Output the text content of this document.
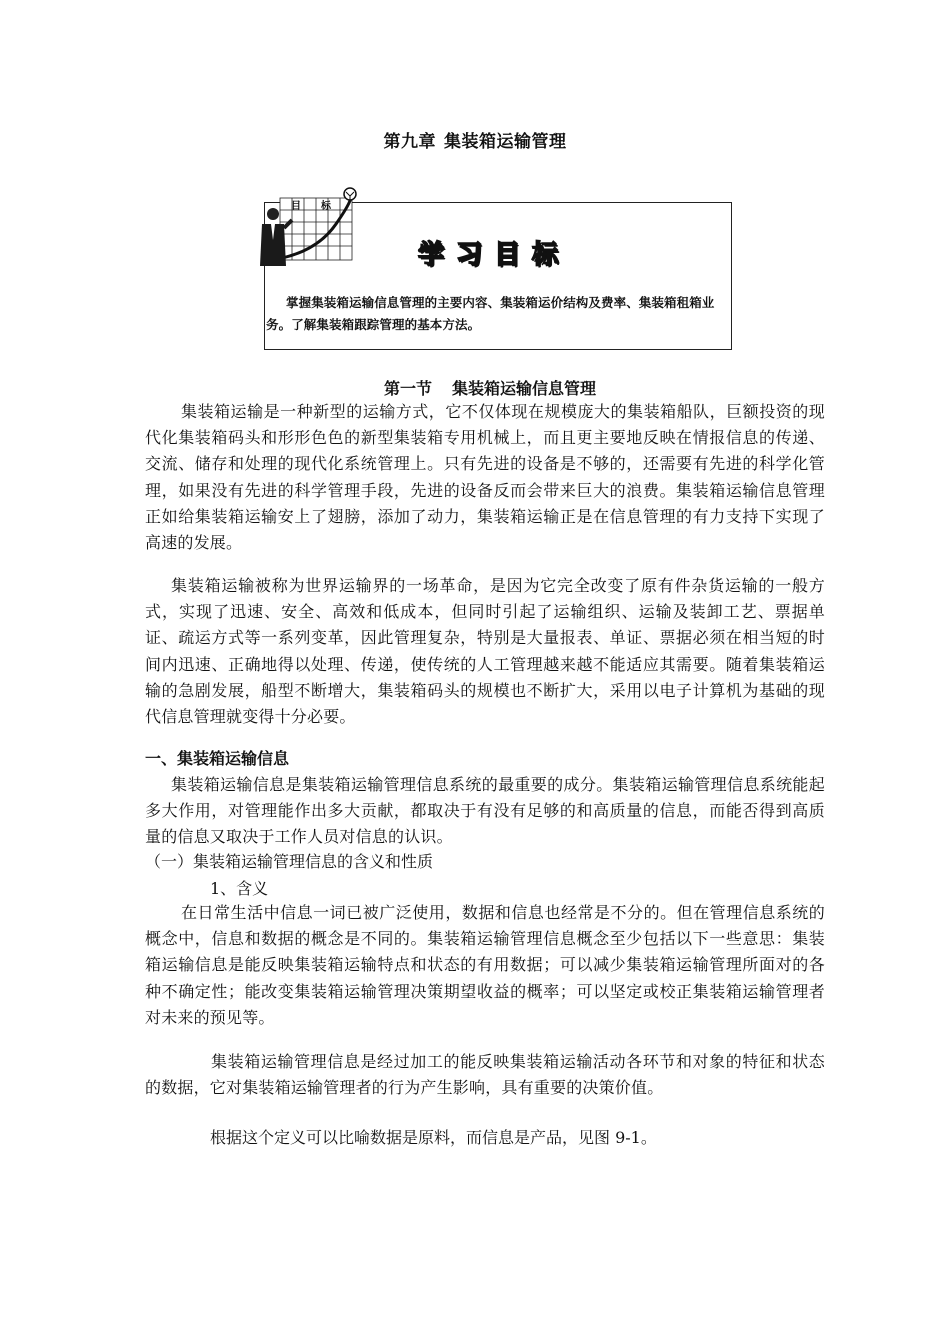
第九章 集装箱运输管理
目 标
学习目标
掌握集装箱运输信息管理的主要内容、集装箱运价结构及费率、集装箱租箱业务。了解集装箱跟踪管理的基本方法。
第一节 集装箱运输信息管理
集装箱运输是一种新型的运输方式，它不仅体现在规模庞大的集装箱船队，巨额投资的现代化集装箱码头和形形色色的新型集装箱专用机械上，而且更主要地反映在情报信息的传递、交流、储存和处理的现代化系统管理上。只有先进的设备是不够的，还需要有先进的科学化管理，如果没有先进的科学管理手段，先进的设备反而会带来巨大的浪费。集装箱运输信息管理正如给集装箱运输安上了翅膀，添加了动力，集装箱运输正是在信息管理的有力支持下实现了高速的发展。
集装箱运输被称为世界运输界的一场革命，是因为它完全改变了原有件杂货运输的一般方式，实现了迅速、安全、高效和低成本，但同时引起了运输组织、运输及装卸工艺、票据单证、疏运方式等一系列变革，因此管理复杂，特别是大量报表、单证、票据必须在相当短的时间内迅速、正确地得以处理、传递，使传统的人工管理越来越不能适应其需要。随着集装箱运输的急剧发展，船型不断增大，集装箱码头的规模也不断扩大，采用以电子计算机为基础的现代信息管理就变得十分必要。
一、集装箱运输信息
集装箱运输信息是集装箱运输管理信息系统的最重要的成分。集装箱运输管理信息系统能起多大作用，对管理能作出多大贡献，都取决于有没有足够的和高质量的信息，而能否得到高质量的信息又取决于工作人员对信息的认识。
（一）集装箱运输管理信息的含义和性质
1、含义
在日常生活中信息一词已被广泛使用，数据和信息也经常是不分的。但在管理信息系统的概念中，信息和数据的概念是不同的。集装箱运输管理信息概念至少包括以下一些意思：集装箱运输信息是能反映集装箱运输特点和状态的有用数据；可以减少集装箱运输管理所面对的各种不确定性；能改变集装箱运输管理决策期望收益的概率；可以坚定或校正集装箱运输管理者对未来的预见等。
集装箱运输管理信息是经过加工的能反映集装箱运输活动各环节和对象的特征和状态的数据，它对集装箱运输管理者的行为产生影响，具有重要的决策价值。
根据这个定义可以比喻数据是原料，而信息是产品，见图 9-1。
